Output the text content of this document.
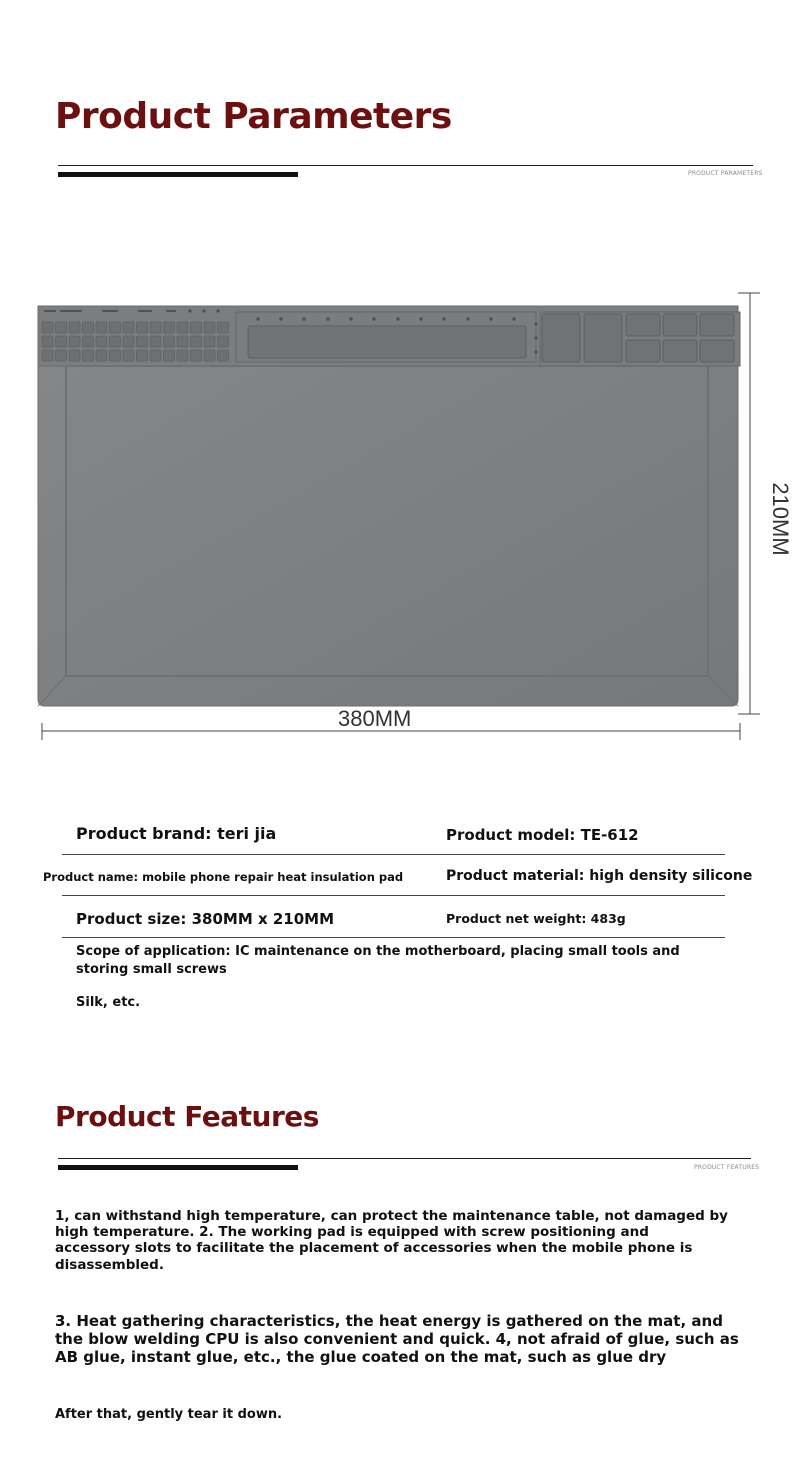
Product Parameters
PRODUCT PARAMETERS
380MM
210MM
Product brand: teri jia	Product model: TE-612
Product name: mobile phone repair heat insulation pad	Product material: high density silicone
Product size: 380MM x 210MM	Product net weight: 483g
Scope of application: IC maintenance on the motherboard, placing small tools and
storing small screws
Silk, etc.
Product Features
PRODUCT FEATURES
1, can withstand high temperature, can protect the maintenance table, not damaged by
high temperature. 2. The working pad is equipped with screw positioning and
accessory slots to facilitate the placement of accessories when the mobile phone is
disassembled.
3. Heat gathering characteristics, the heat energy is gathered on the mat, and
the blow welding CPU is also convenient and quick. 4, not afraid of glue, such as
AB glue, instant glue, etc., the glue coated on the mat, such as glue dry
After that, gently tear it down.
